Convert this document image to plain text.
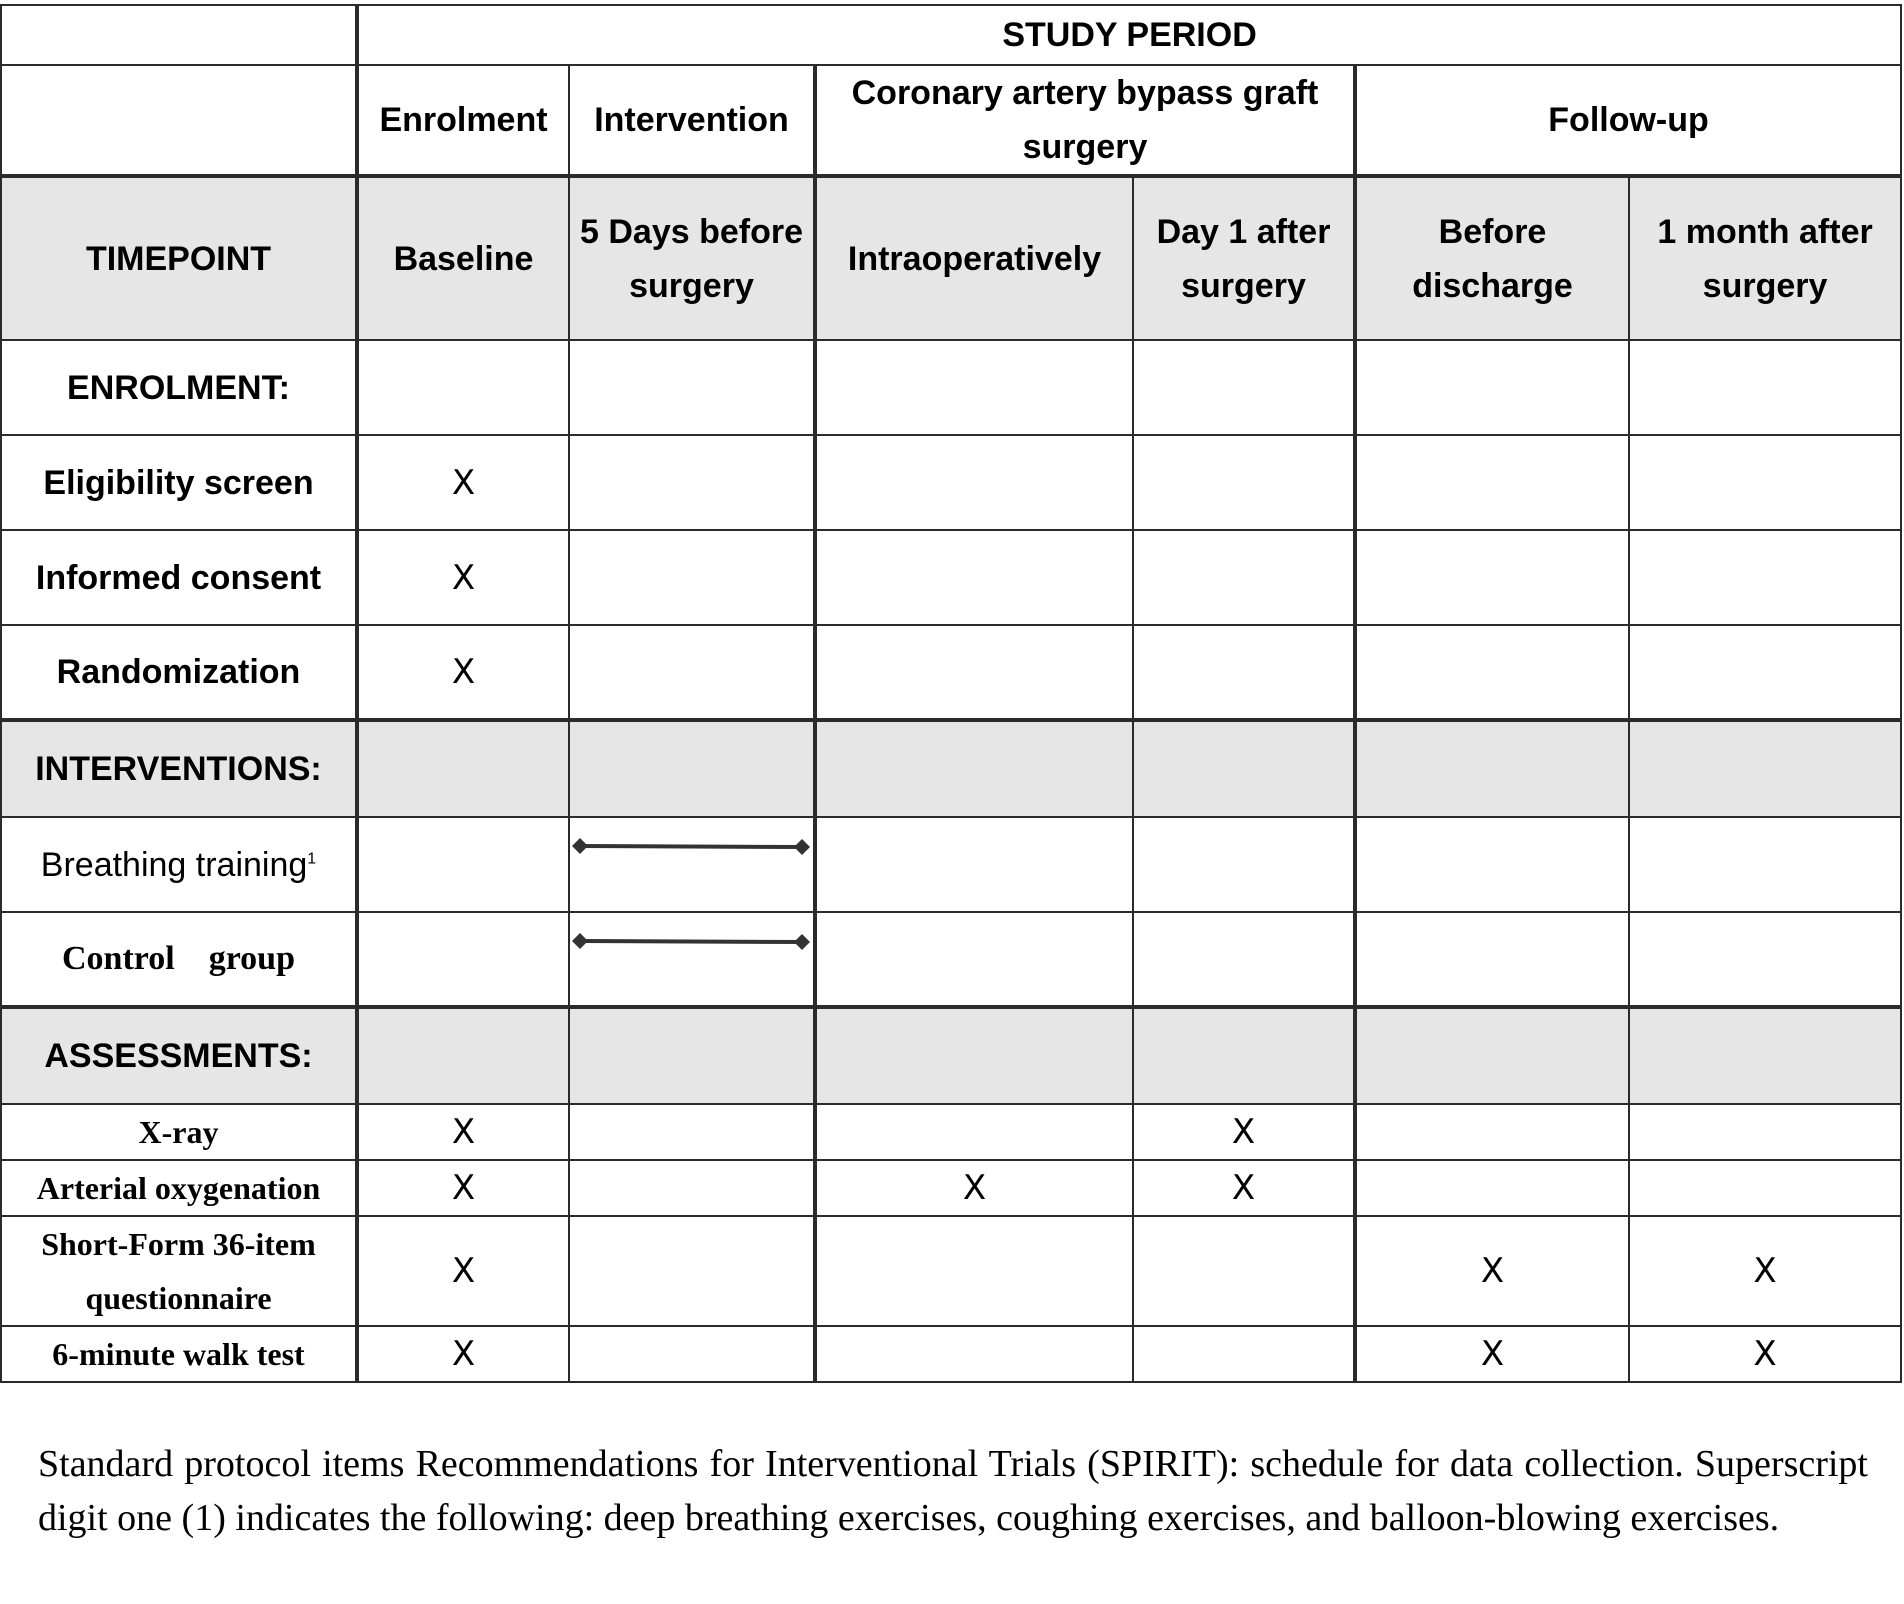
	STUDY PERIOD					
	Enrolment	Intervention	Coronary artery bypass graft surgery		Follow-up	
TIMEPOINT	Baseline	5 Days before surgery	Intraoperatively	Day 1 after surgery	Before discharge	1 month after surgery
ENROLMENT:						
Eligibility screen	X					
Informed consent	X					
Randomization	X					
INTERVENTIONS:						
Breathing training$^1$		

Control    group		

ASSESSMENTS:						
X-ray	X			X		
Arterial oxygenation	X		X	X		
Short-Form 36-item questionnaire	X				X	X
6-minute walk test	X				X	X
Standard protocol items Recommendations for Interventional Trials (SPIRIT): schedule for data collection. Superscript digit one (1) indicates the following: deep breathing exercises, coughing exercises, and balloon-blowing exercises.
